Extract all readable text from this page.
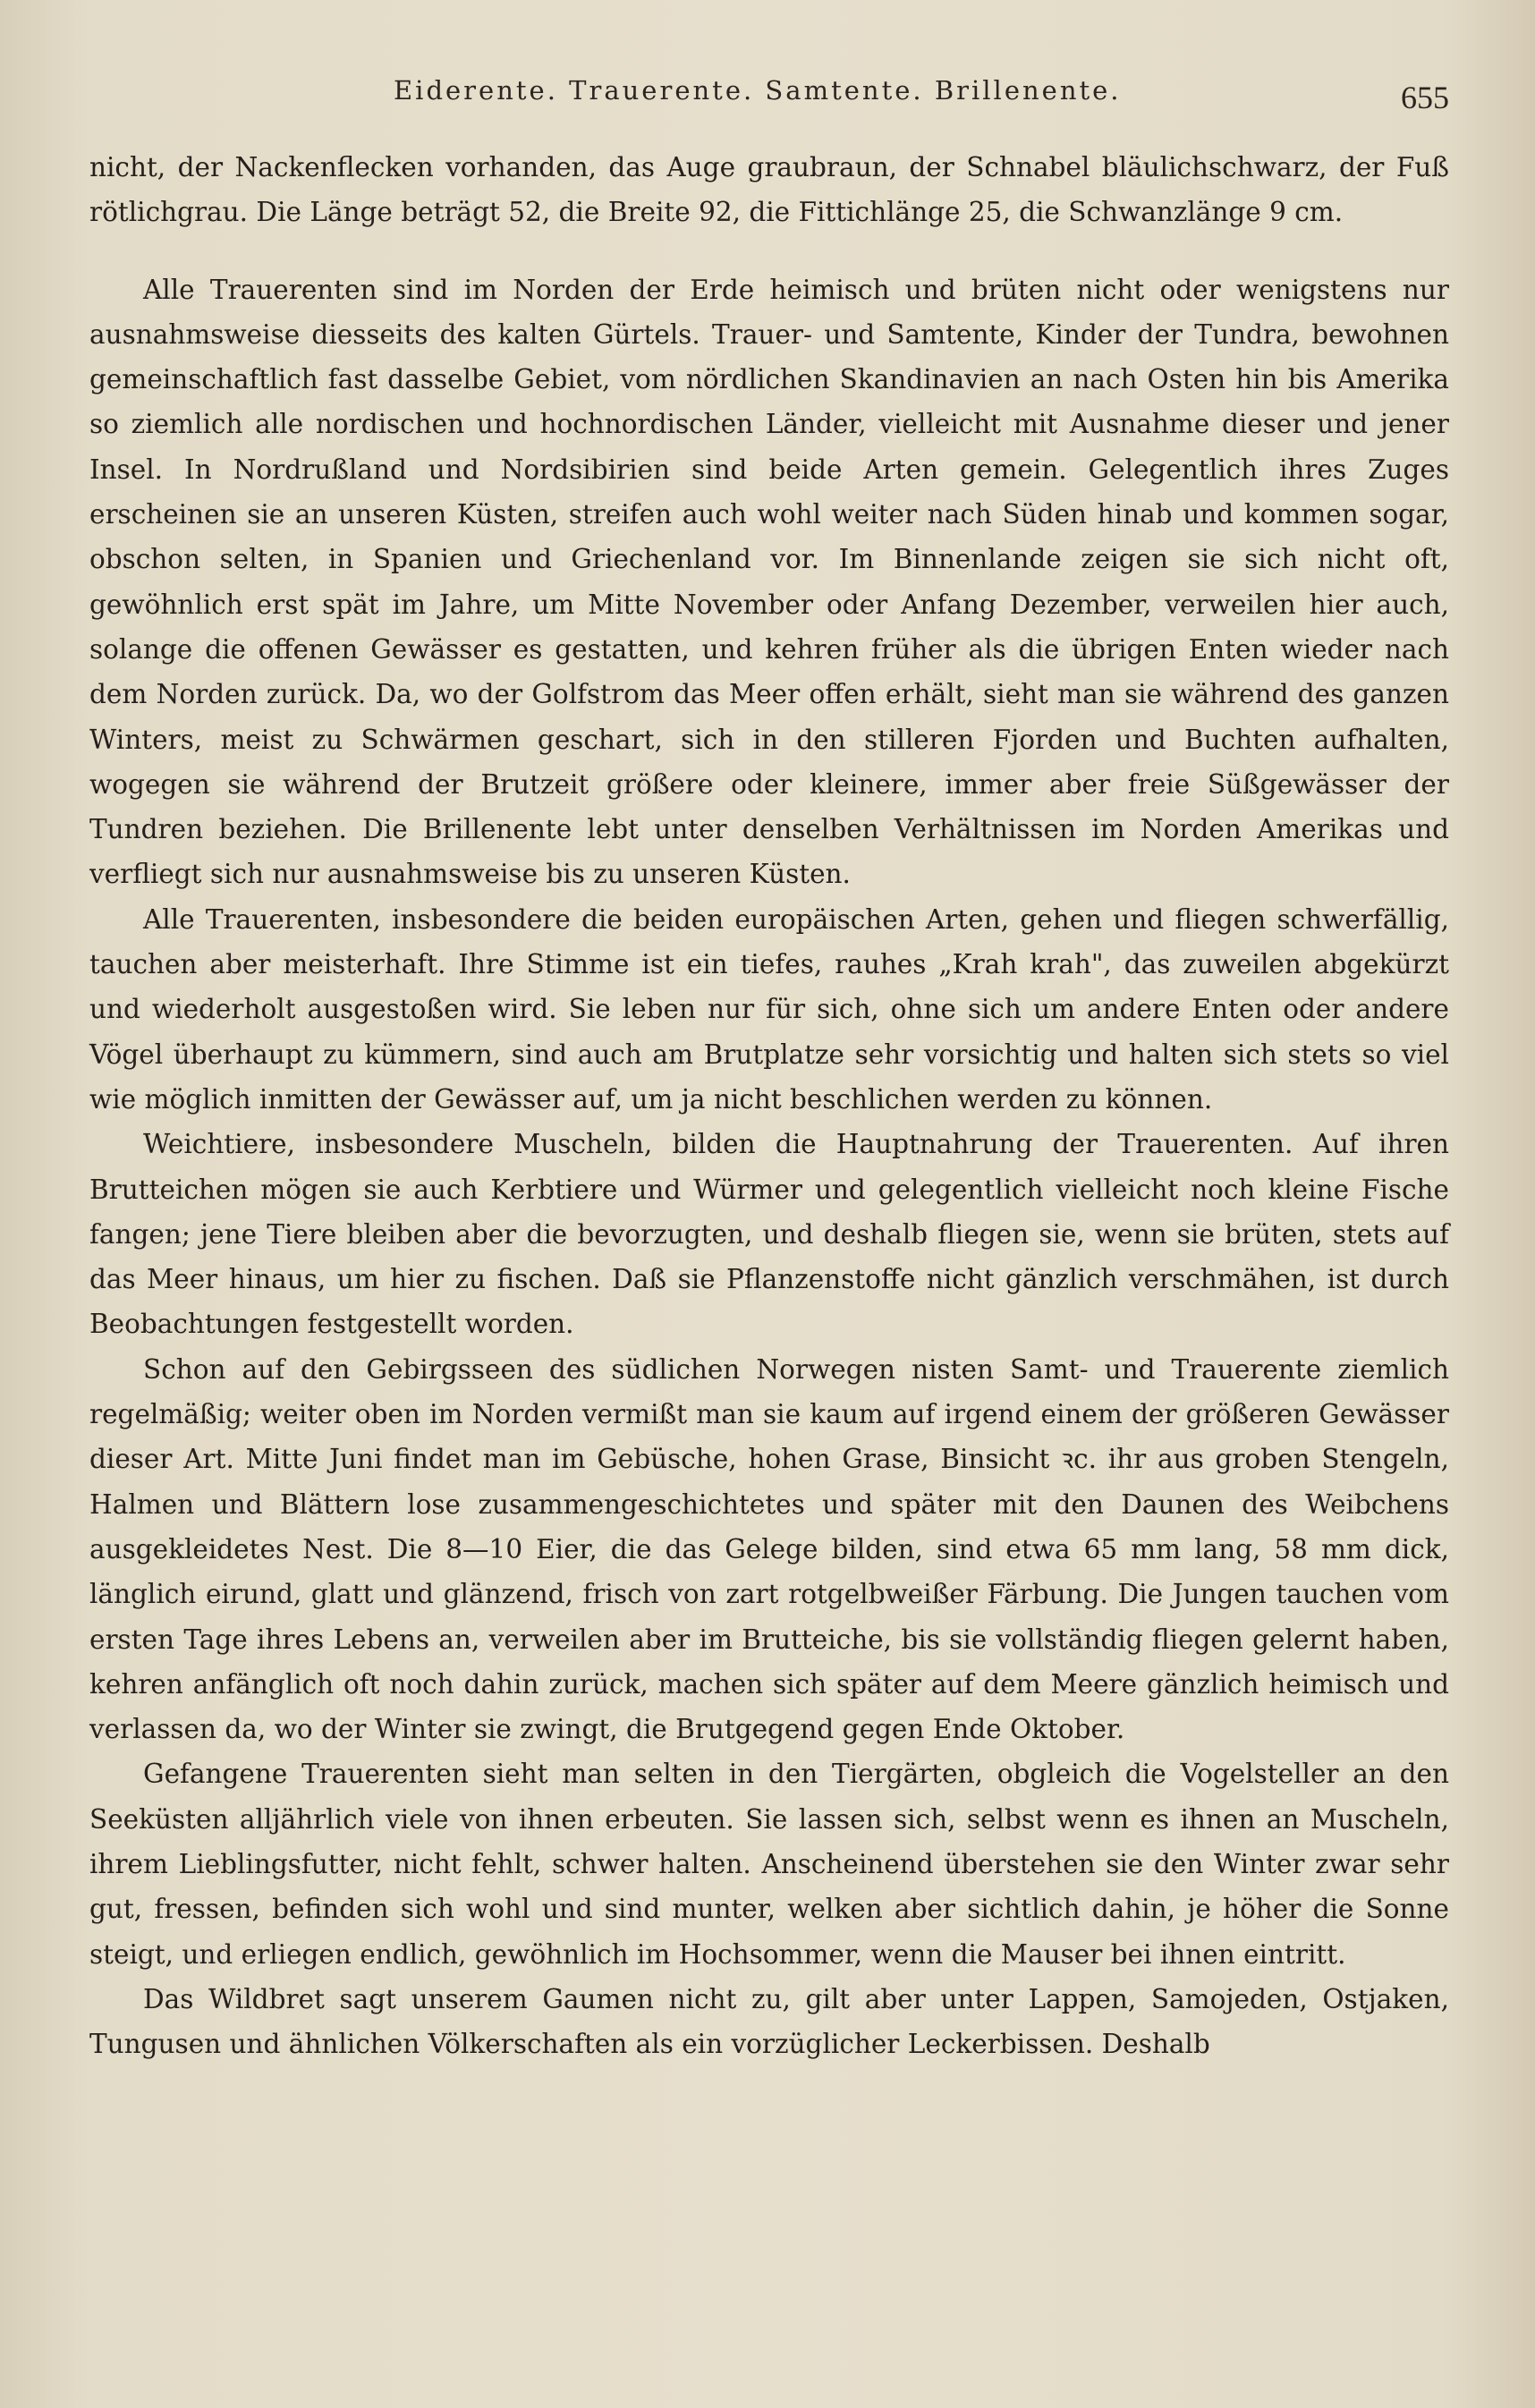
Eiderente. Trauerente. Samtente. Brillenente.	655

nicht, der Nackenflecken vorhanden, das Auge graubraun, der Schnabel bläulichschwarz, der Fuß rötlichgrau. Die Länge beträgt 52, die Breite 92, die Fittichlänge 25, die Schwanzlänge 9 cm.

Alle Trauerenten sind im Norden der Erde heimisch und brüten nicht oder wenigstens nur ausnahmsweise diesseits des kalten Gürtels. Trauer- und Samtente, Kinder der Tundra, bewohnen gemeinschaftlich fast dasselbe Gebiet, vom nördlichen Skandinavien an nach Osten hin bis Amerika so ziemlich alle nordischen und hochnordischen Länder, vielleicht mit Ausnahme dieser und jener Insel. In Nordrußland und Nordsibirien sind beide Arten gemein. Gelegentlich ihres Zuges erscheinen sie an unseren Küsten, streifen auch wohl weiter nach Süden hinab und kommen sogar, obschon selten, in Spanien und Griechenland vor. Im Binnenlande zeigen sie sich nicht oft, gewöhnlich erst spät im Jahre, um Mitte November oder Anfang Dezember, verweilen hier auch, solange die offenen Gewässer es gestatten, und kehren früher als die übrigen Enten wieder nach dem Norden zurück. Da, wo der Golfstrom das Meer offen erhält, sieht man sie während des ganzen Winters, meist zu Schwärmen geschart, sich in den stilleren Fjorden und Buchten aufhalten, wogegen sie während der Brutzeit größere oder kleinere, immer aber freie Süßgewässer der Tundren beziehen. Die Brillenente lebt unter denselben Verhältnissen im Norden Amerikas und verfliegt sich nur ausnahmsweise bis zu unseren Küsten.

Alle Trauerenten, insbesondere die beiden europäischen Arten, gehen und fliegen schwerfällig, tauchen aber meisterhaft. Ihre Stimme ist ein tiefes, rauhes „Krah krah", das zuweilen abgekürzt und wiederholt ausgestoßen wird. Sie leben nur für sich, ohne sich um andere Enten oder andere Vögel überhaupt zu kümmern, sind auch am Brutplatze sehr vorsichtig und halten sich stets so viel wie möglich inmitten der Gewässer auf, um ja nicht beschlichen werden zu können.

Weichtiere, insbesondere Muscheln, bilden die Hauptnahrung der Trauerenten. Auf ihren Brutteichen mögen sie auch Kerbtiere und Würmer und gelegentlich vielleicht noch kleine Fische fangen; jene Tiere bleiben aber die bevorzugten, und deshalb fliegen sie, wenn sie brüten, stets auf das Meer hinaus, um hier zu fischen. Daß sie Pflanzenstoffe nicht gänzlich verschmähen, ist durch Beobachtungen festgestellt worden.

Schon auf den Gebirgsseen des südlichen Norwegen nisten Samt- und Trauerente ziemlich regelmäßig; weiter oben im Norden vermißt man sie kaum auf irgend einem der größeren Gewässer dieser Art. Mitte Juni findet man im Gebüsche, hohen Grase, Binsicht ꝛc. ihr aus groben Stengeln, Halmen und Blättern lose zusammengeschichtetes und später mit den Daunen des Weibchens ausgekleidetes Nest. Die 8—10 Eier, die das Gelege bilden, sind etwa 65 mm lang, 58 mm dick, länglich eirund, glatt und glänzend, frisch von zart rotgelbweißer Färbung. Die Jungen tauchen vom ersten Tage ihres Lebens an, verweilen aber im Brutteiche, bis sie vollständig fliegen gelernt haben, kehren anfänglich oft noch dahin zurück, machen sich später auf dem Meere gänzlich heimisch und verlassen da, wo der Winter sie zwingt, die Brutgegend gegen Ende Oktober.

Gefangene Trauerenten sieht man selten in den Tiergärten, obgleich die Vogelsteller an den Seeküsten alljährlich viele von ihnen erbeuten. Sie lassen sich, selbst wenn es ihnen an Muscheln, ihrem Lieblingsfutter, nicht fehlt, schwer halten. Anscheinend überstehen sie den Winter zwar sehr gut, fressen, befinden sich wohl und sind munter, welken aber sichtlich dahin, je höher die Sonne steigt, und erliegen endlich, gewöhnlich im Hochsommer, wenn die Mauser bei ihnen eintritt.

Das Wildbret sagt unserem Gaumen nicht zu, gilt aber unter Lappen, Samojeden, Ostjaken, Tungusen und ähnlichen Völkerschaften als ein vorzüglicher Leckerbissen. Deshalb
